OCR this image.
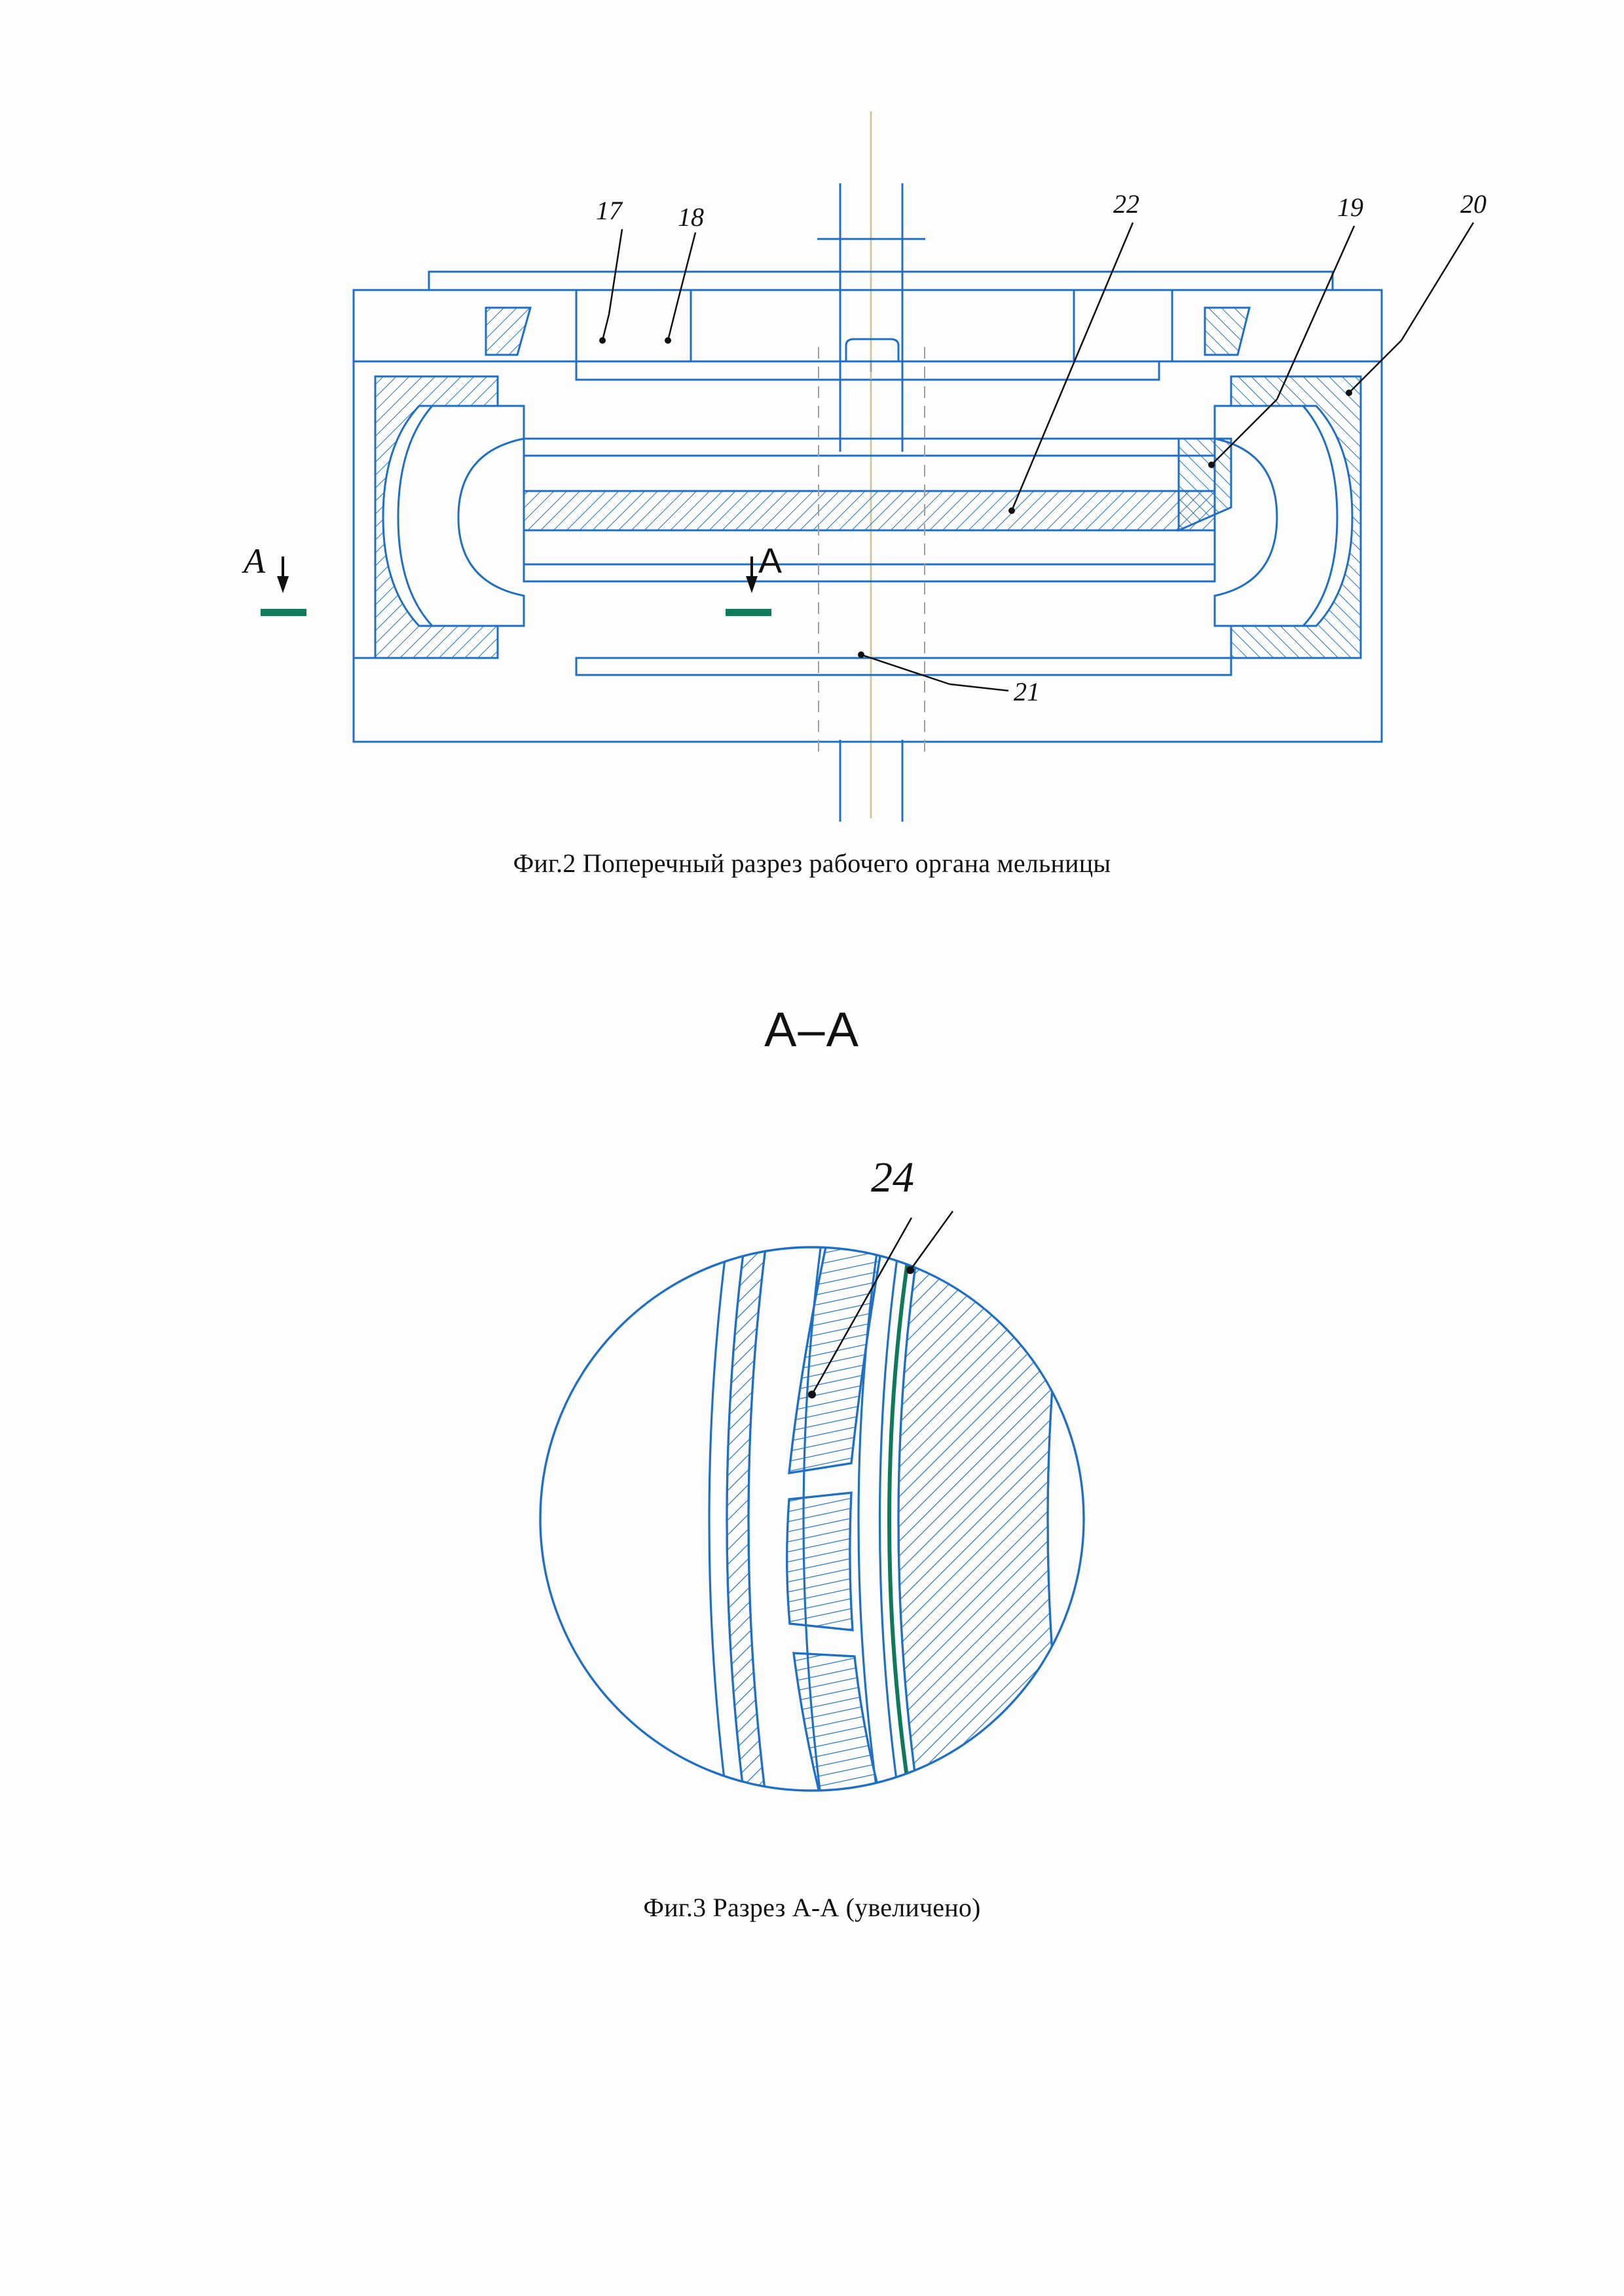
A	A
17 18	22	19	20
21
Фиг.2 Поперечный разрез рабочего органа мельницы
А–А
24
Фиг.3 Разрез А-А (увеличено)
